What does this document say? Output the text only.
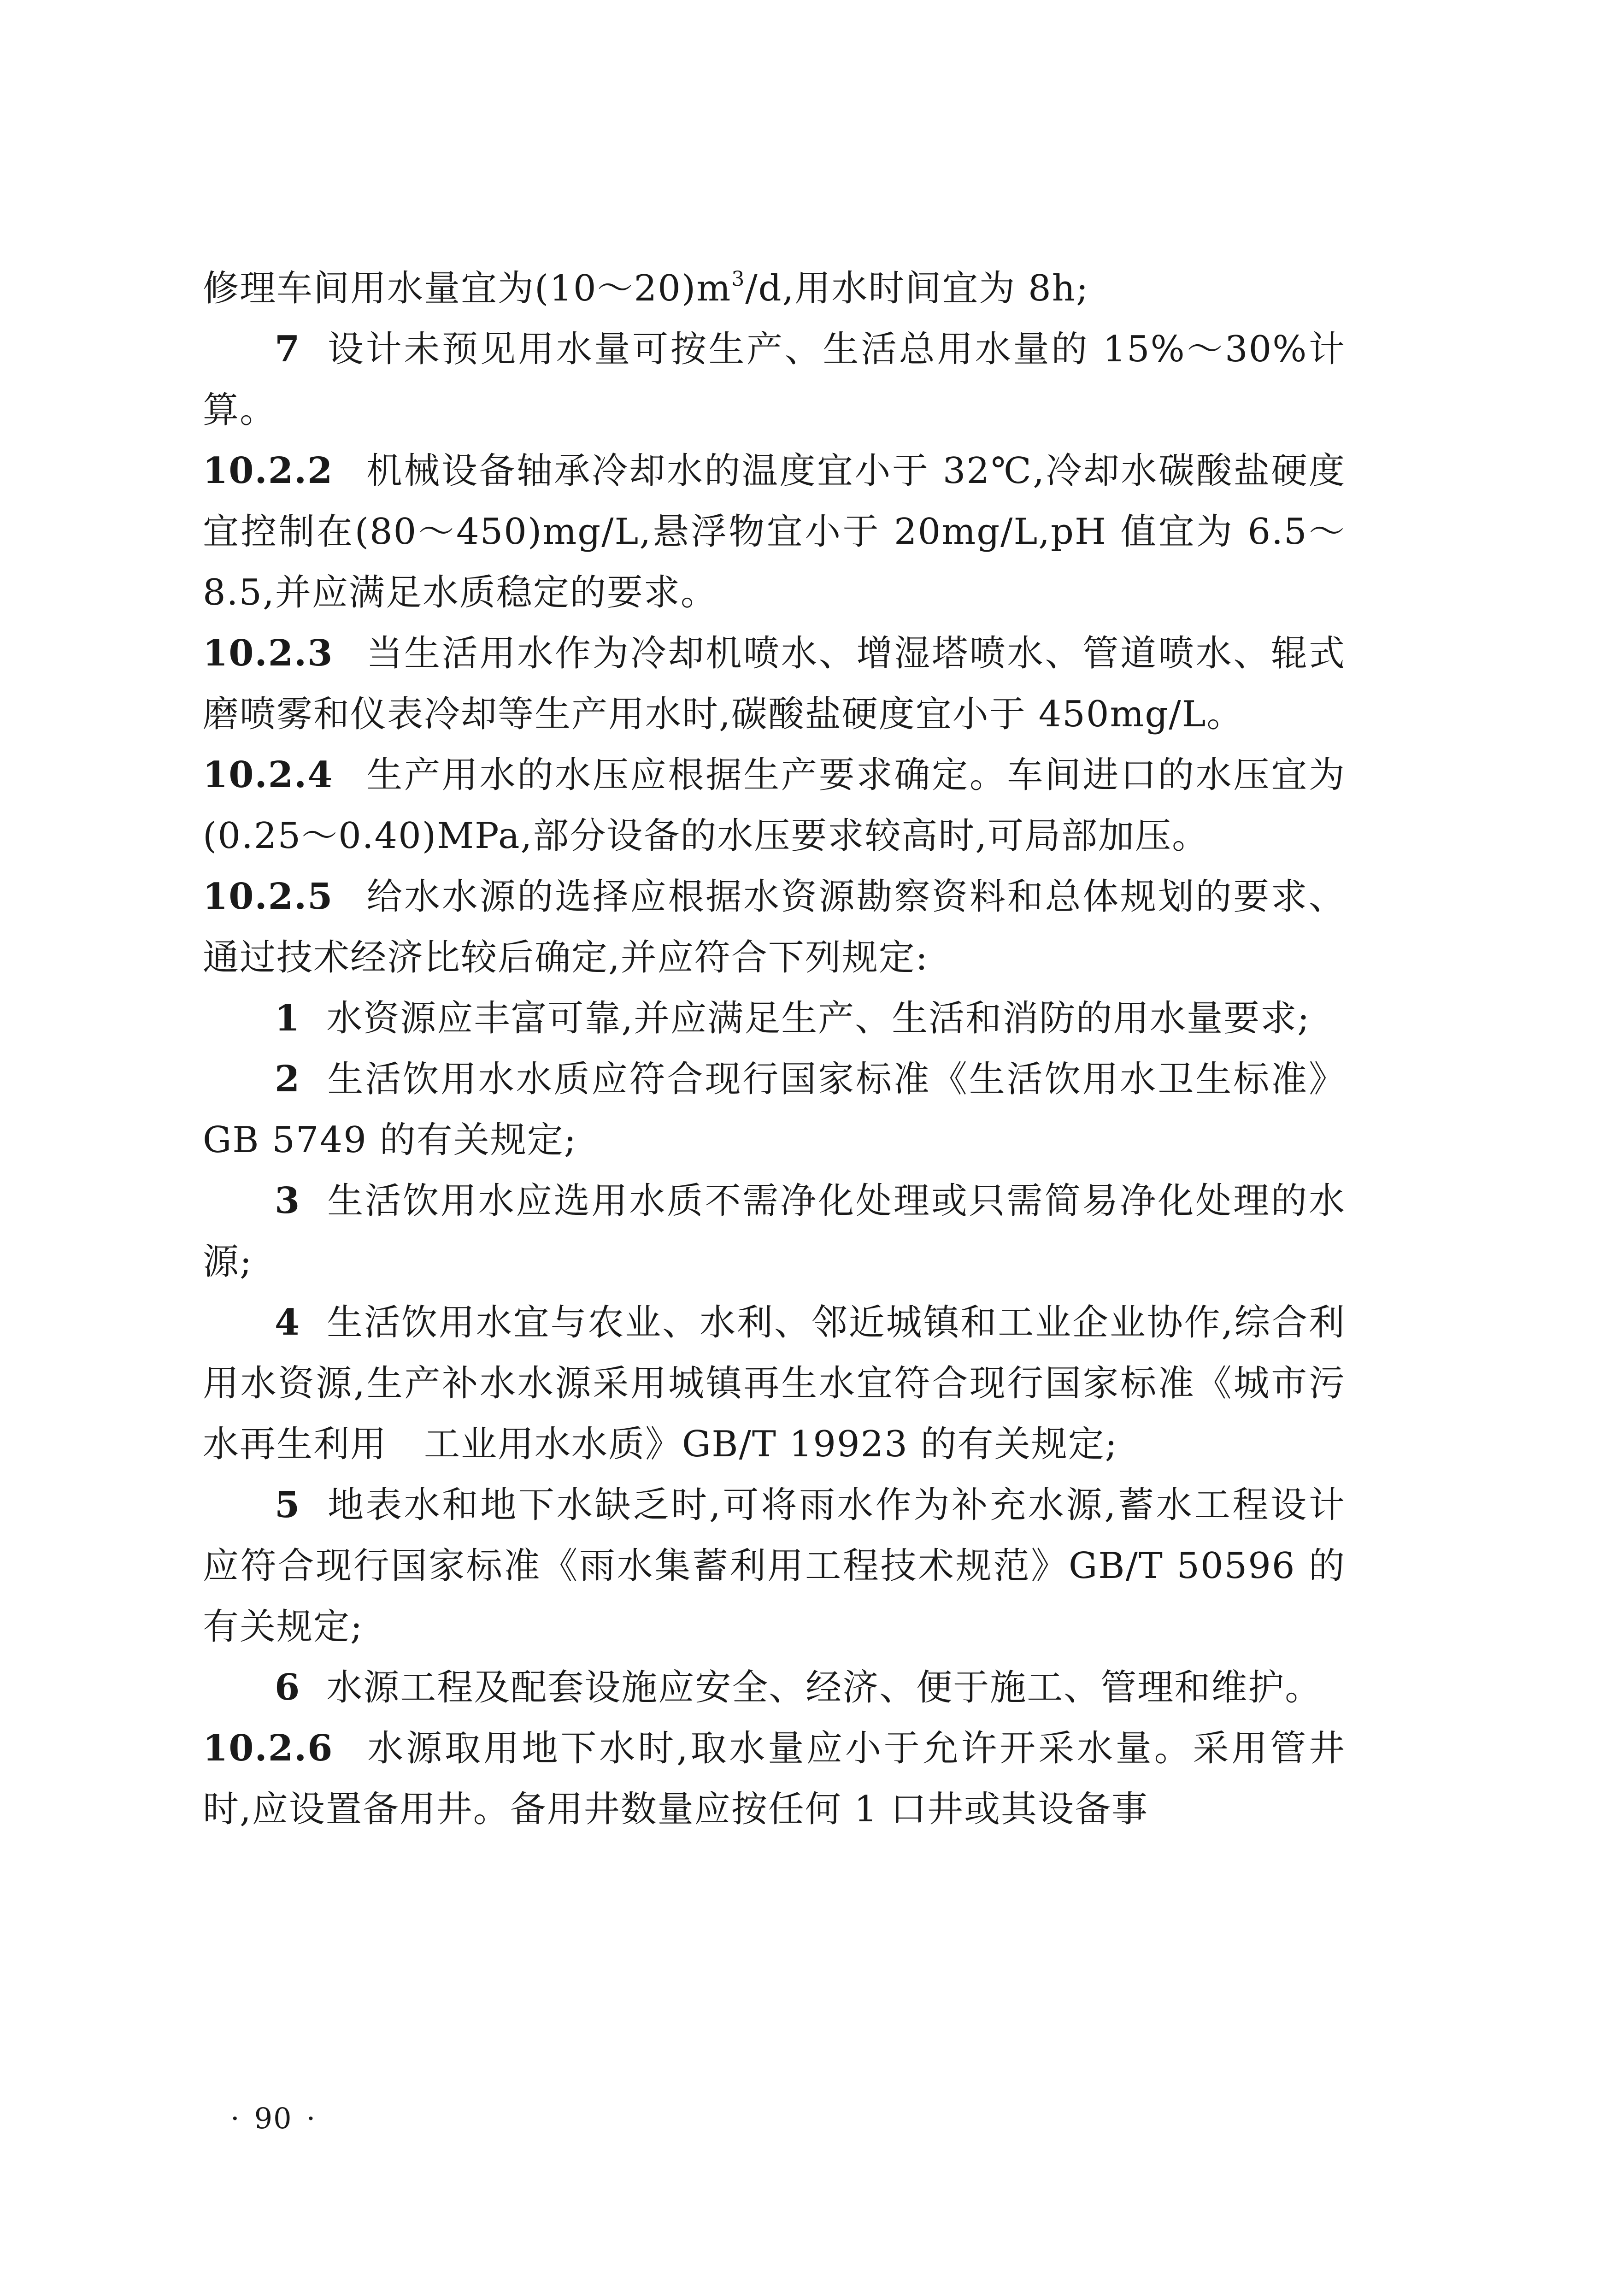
修理车间用水量宜为$(10\sim 20)m^3/d$,用水时间宜为 8h;

7 设计未预见用水量可按生产、生活总用水量的 15%～30%计算。

10.2.2 机械设备轴承冷却水的温度宜小于 32℃,冷却水碳酸盐硬度宜控制在(80～450)mg/L,悬浮物宜小于 20mg/L,pH 值宜为 6.5～8.5,并应满足水质稳定的要求。

10.2.3 当生活用水作为冷却机喷水、增湿塔喷水、管道喷水、辊式磨喷雾和仪表冷却等生产用水时,碳酸盐硬度宜小于 450mg/L。

10.2.4 生产用水的水压应根据生产要求确定。车间进口的水压宜为(0.25～0.40)MPa,部分设备的水压要求较高时,可局部加压。

10.2.5 给水水源的选择应根据水资源勘察资料和总体规划的要求、通过技术经济比较后确定,并应符合下列规定:

1 水资源应丰富可靠,并应满足生产、生活和消防的用水量要求;

2 生活饮用水水质应符合现行国家标准《生活饮用水卫生标准》GB 5749 的有关规定;

3 生活饮用水应选用水质不需净化处理或只需简易净化处理的水源;

4 生活饮用水宜与农业、水利、邻近城镇和工业企业协作,综合利用水资源,生产补水水源采用城镇再生水宜符合现行国家标准《城市污水再生利用　工业用水水质》GB/T 19923 的有关规定;

5 地表水和地下水缺乏时,可将雨水作为补充水源,蓄水工程设计应符合现行国家标准《雨水集蓄利用工程技术规范》GB/T 50596 的有关规定;

6 水源工程及配套设施应安全、经济、便于施工、管理和维护。

10.2.6 水源取用地下水时,取水量应小于允许开采水量。采用管井时,应设置备用井。备用井数量应按任何 1 口井或其设备事

· 90 ·
